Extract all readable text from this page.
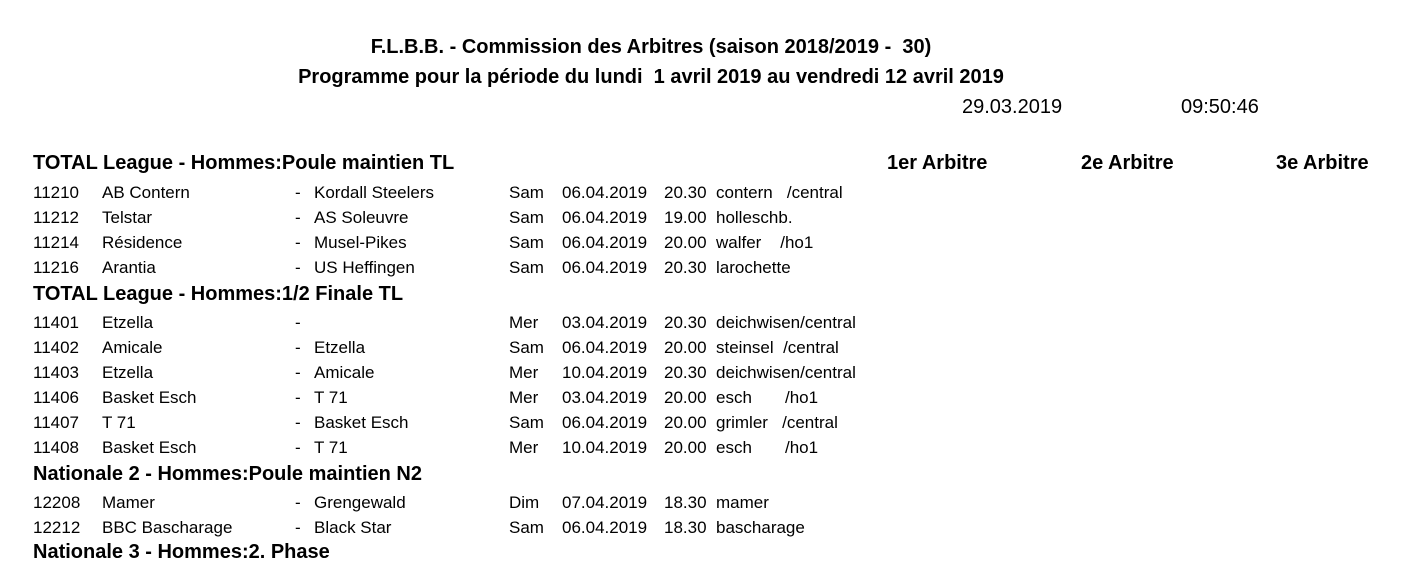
F.L.B.B. - Commission des Arbitres (saison 2018/2019 -  30)
Programme pour la période du lundi  1 avril 2019 au vendredi 12 avril 2019
29.03.2019	09:50:46
1er Arbitre	2e Arbitre	3e Arbitre
TOTAL League - Hommes:Poule maintien TL
11210 AB Contern	- Kordall Steelers	Sam 06.04.2019 20.30 contern   /central
11212 Telstar	- AS Soleuvre	Sam 06.04.2019 19.00 holleschb.
11214 Résidence	- Musel-Pikes	Sam 06.04.2019 20.00 walfer    /ho1
11216 Arantia	- US Heffingen	Sam 06.04.2019 20.30 larochette
TOTAL League - Hommes:1/2 Finale TL
11401 Etzella	-	Mer 03.04.2019 20.30 deichwisen/central
11402 Amicale	- Etzella	Sam 06.04.2019 20.00 steinsel  /central
11403 Etzella	- Amicale	Mer 10.04.2019 20.30 deichwisen/central
11406 Basket Esch	- T 71	Mer 03.04.2019 20.00 esch       /ho1
11407 T 71	- Basket Esch	Sam 06.04.2019 20.00 grimler   /central
11408 Basket Esch	- T 71	Mer 10.04.2019 20.00 esch       /ho1
Nationale 2 - Hommes:Poule maintien N2
12208 Mamer	- Grengewald	Dim 07.04.2019 18.30 mamer
12212 BBC Bascharage	- Black Star	Sam 06.04.2019 18.30 bascharage
Nationale 3 - Hommes:2. Phase
